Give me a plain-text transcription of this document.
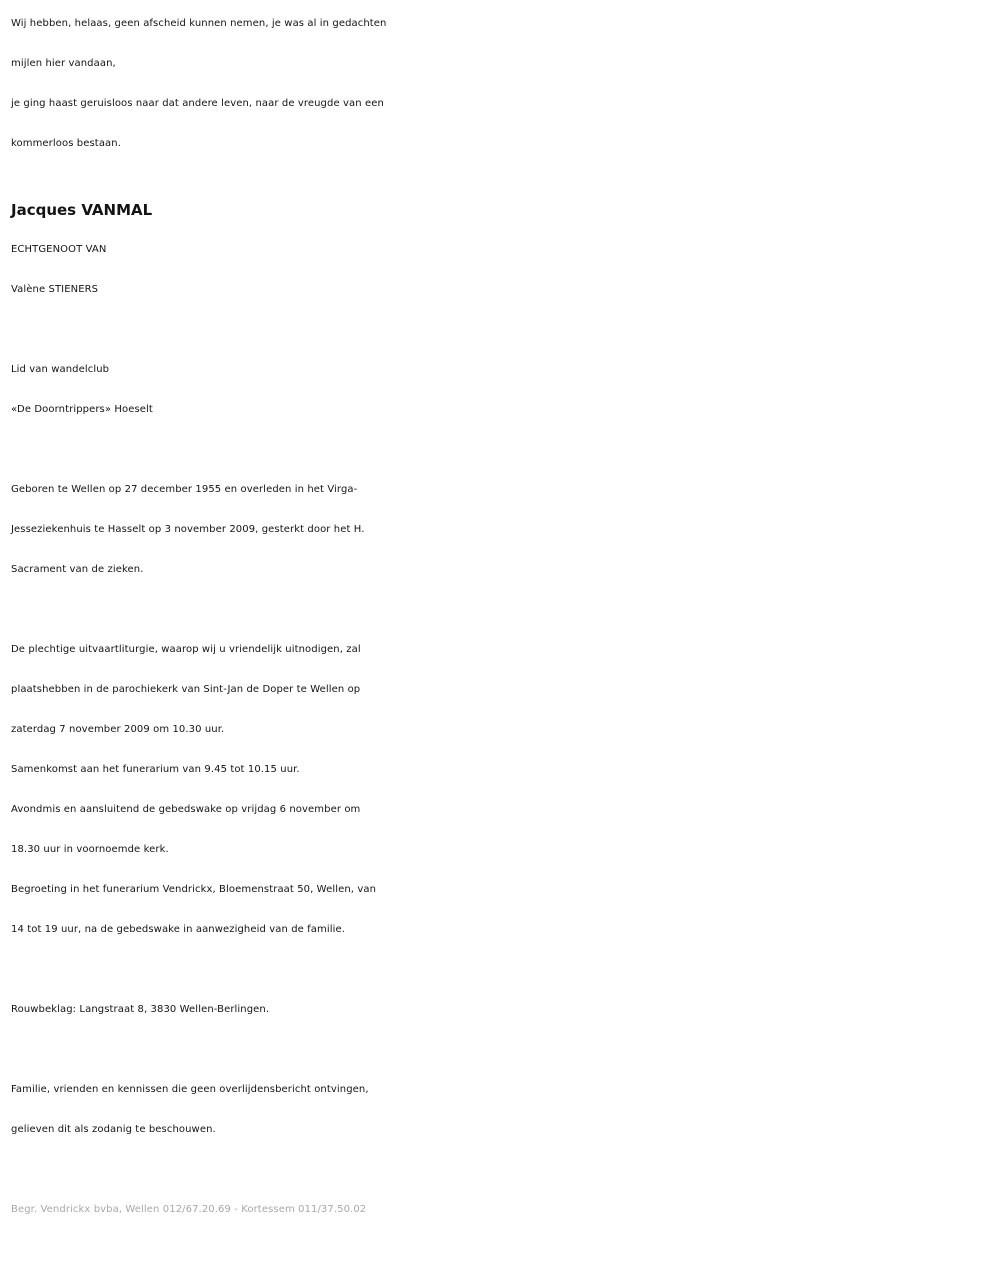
Wij hebben, helaas, geen afscheid kunnen nemen, je was al in gedachten
mijlen hier vandaan,
je ging haast geruisloos naar dat andere leven, naar de vreugde van een
kommerloos bestaan.
Jacques VANMAL
ECHTGENOOT VAN
Valène STIENERS
Lid van wandelclub
«De Doorntrippers» Hoeselt
Geboren te Wellen op 27 december 1955 en overleden in het Virga-
Jesseziekenhuis te Hasselt op 3 november 2009, gesterkt door het H.
Sacrament van de zieken.
De plechtige uitvaartliturgie, waarop wij u vriendelijk uitnodigen, zal
plaatshebben in de parochiekerk van Sint-Jan de Doper te Wellen op
zaterdag 7 november 2009 om 10.30 uur.
Samenkomst aan het funerarium van 9.45 tot 10.15 uur.
Avondmis en aansluitend de gebedswake op vrijdag 6 november om
18.30 uur in voornoemde kerk.
Begroeting in het funerarium Vendrickx, Bloemenstraat 50, Wellen, van
14 tot 19 uur, na de gebedswake in aanwezigheid van de familie.
Rouwbeklag: Langstraat 8, 3830 Wellen-Berlingen.
Familie, vrienden en kennissen die geen overlijdensbericht ontvingen,
gelieven dit als zodanig te beschouwen.
Begr. Vendrickx bvba, Wellen 012/67.20.69 - Kortessem 011/37.50.02
